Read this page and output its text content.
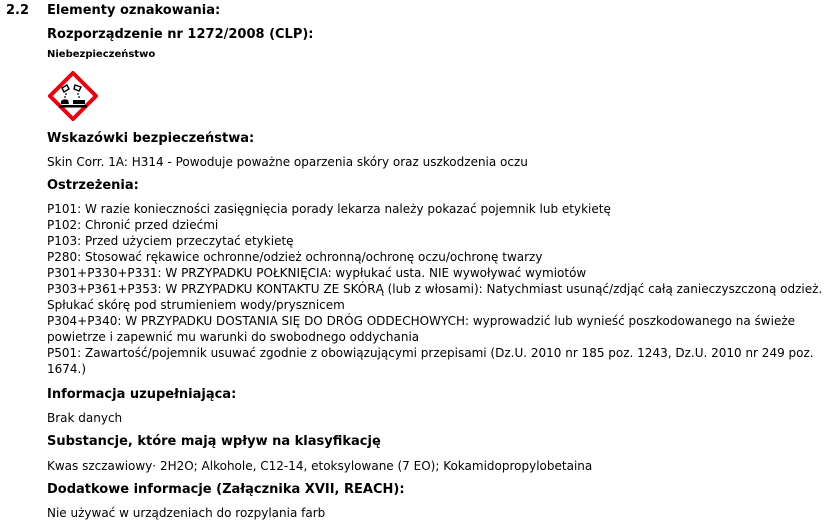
2.2 Elementy oznakowania:
Rozporządzenie nr 1272/2008 (CLP):
Niebezpieczeństwo
Wskazówki bezpieczeństwa:
Skin Corr. 1A: H314 - Powoduje poważne oparzenia skóry oraz uszkodzenia oczu
Ostrzeżenia:
P101: W razie konieczności zasięgnięcia porady lekarza należy pokazać pojemnik lub etykietę
P102: Chronić przed dziećmi
P103: Przed użyciem przeczytać etykietę
P280: Stosować rękawice ochronne/odzież ochronną/ochronę oczu/ochronę twarzy
P301+P330+P331: W PRZYPADKU POŁKNIĘCIA: wypłukać usta. NIE wywoływać wymiotów
P303+P361+P353: W PRZYPADKU KONTAKTU ZE SKÓRĄ (lub z włosami): Natychmiast usunąć/zdjąć całą zanieczyszczoną odzież.
Spłukać skórę pod strumieniem wody/prysznicem
P304+P340: W PRZYPADKU DOSTANIA SIĘ DO DRÓG ODDECHOWYCH: wyprowadzić lub wynieść poszkodowanego na świeże
powietrze i zapewnić mu warunki do swobodnego oddychania
P501: Zawartość/pojemnik usuwać zgodnie z obowiązującymi przepisami (Dz.U. 2010 nr 185 poz. 1243, Dz.U. 2010 nr 249 poz.
1674.)
Informacja uzupełniająca:
Brak danych
Substancje, które mają wpływ na klasyfikację
Kwas szczawiowy· 2H2O; Alkohole, C12-14, etoksylowane (7 EO); Kokamidopropylobetaina
Dodatkowe informacje (Załącznika XVII, REACH):
Nie używać w urządzeniach do rozpylania farb
